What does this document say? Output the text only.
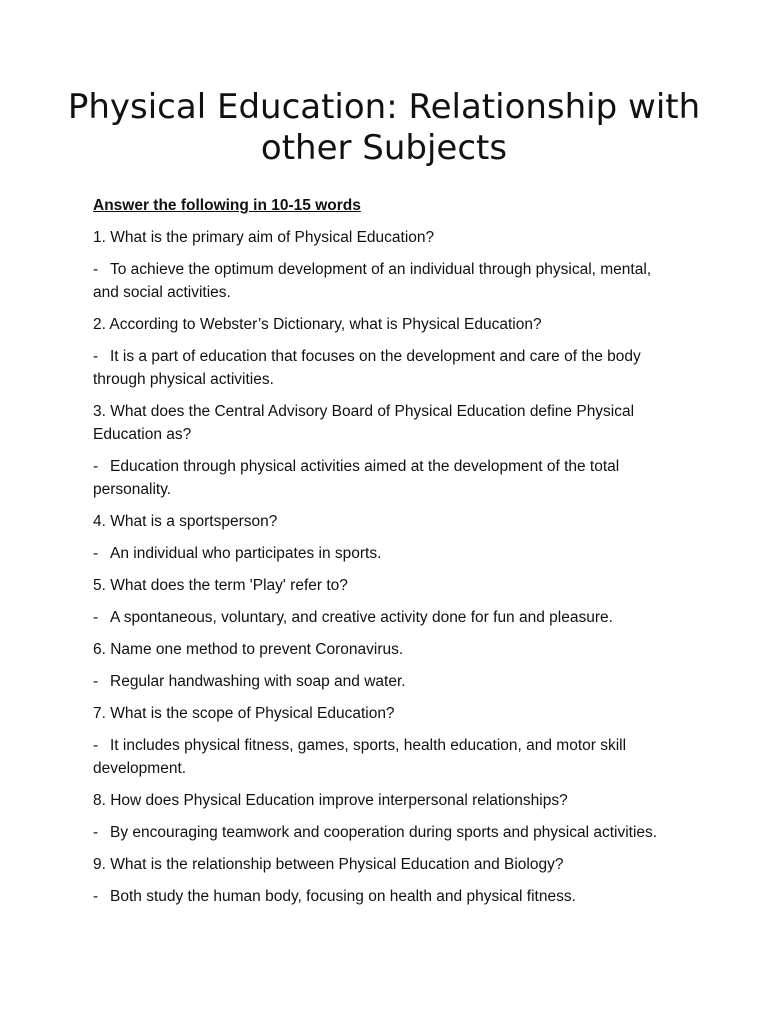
Physical Education: Relationship with other Subjects

Answer the following in 10-15 words

1. What is the primary aim of Physical Education?

-To achieve the optimum development of an individual through physical, mental, and social activities.

2. According to Webster’s Dictionary, what is Physical Education?

-It is a part of education that focuses on the development and care of the body through physical activities.

3. What does the Central Advisory Board of Physical Education define Physical Education as?

-Education through physical activities aimed at the development of the total personality.

4. What is a sportsperson?

-An individual who participates in sports.

5. What does the term 'Play' refer to?

-A spontaneous, voluntary, and creative activity done for fun and pleasure.

6. Name one method to prevent Coronavirus.

-Regular handwashing with soap and water.

7. What is the scope of Physical Education?

-It includes physical fitness, games, sports, health education, and motor skill development.

8. How does Physical Education improve interpersonal relationships?

-By encouraging teamwork and cooperation during sports and physical activities.

9. What is the relationship between Physical Education and Biology?

-Both study the human body, focusing on health and physical fitness.
